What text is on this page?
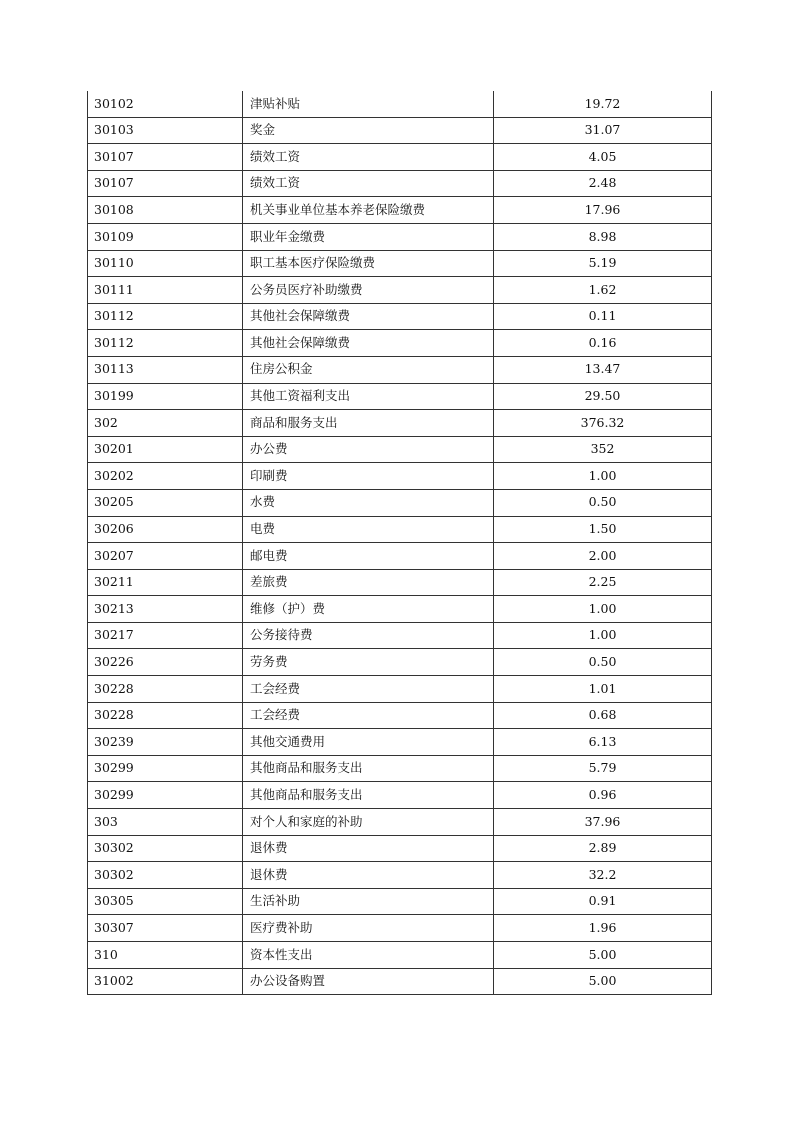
30102	津贴补贴	19.72
30103	奖金	31.07
30107	绩效工资	4.05
30107	绩效工资	2.48
30108	机关事业单位基本养老保险缴费	17.96
30109	职业年金缴费	8.98
30110	职工基本医疗保险缴费	5.19
30111	公务员医疗补助缴费	1.62
30112	其他社会保障缴费	0.11
30112	其他社会保障缴费	0.16
30113	住房公积金	13.47
30199	其他工资福利支出	29.50
302	商品和服务支出	376.32
30201	办公费	352
30202	印刷费	1.00
30205	水费	0.50
30206	电费	1.50
30207	邮电费	2.00
30211	差旅费	2.25
30213	维修（护）费	1.00
30217	公务接待费	1.00
30226	劳务费	0.50
30228	工会经费	1.01
30228	工会经费	0.68
30239	其他交通费用	6.13
30299	其他商品和服务支出	5.79
30299	其他商品和服务支出	0.96
303	对个人和家庭的补助	37.96
30302	退休费	2.89
30302	退休费	32.2
30305	生活补助	0.91
30307	医疗费补助	1.96
310	资本性支出	5.00
31002	办公设备购置	5.00
